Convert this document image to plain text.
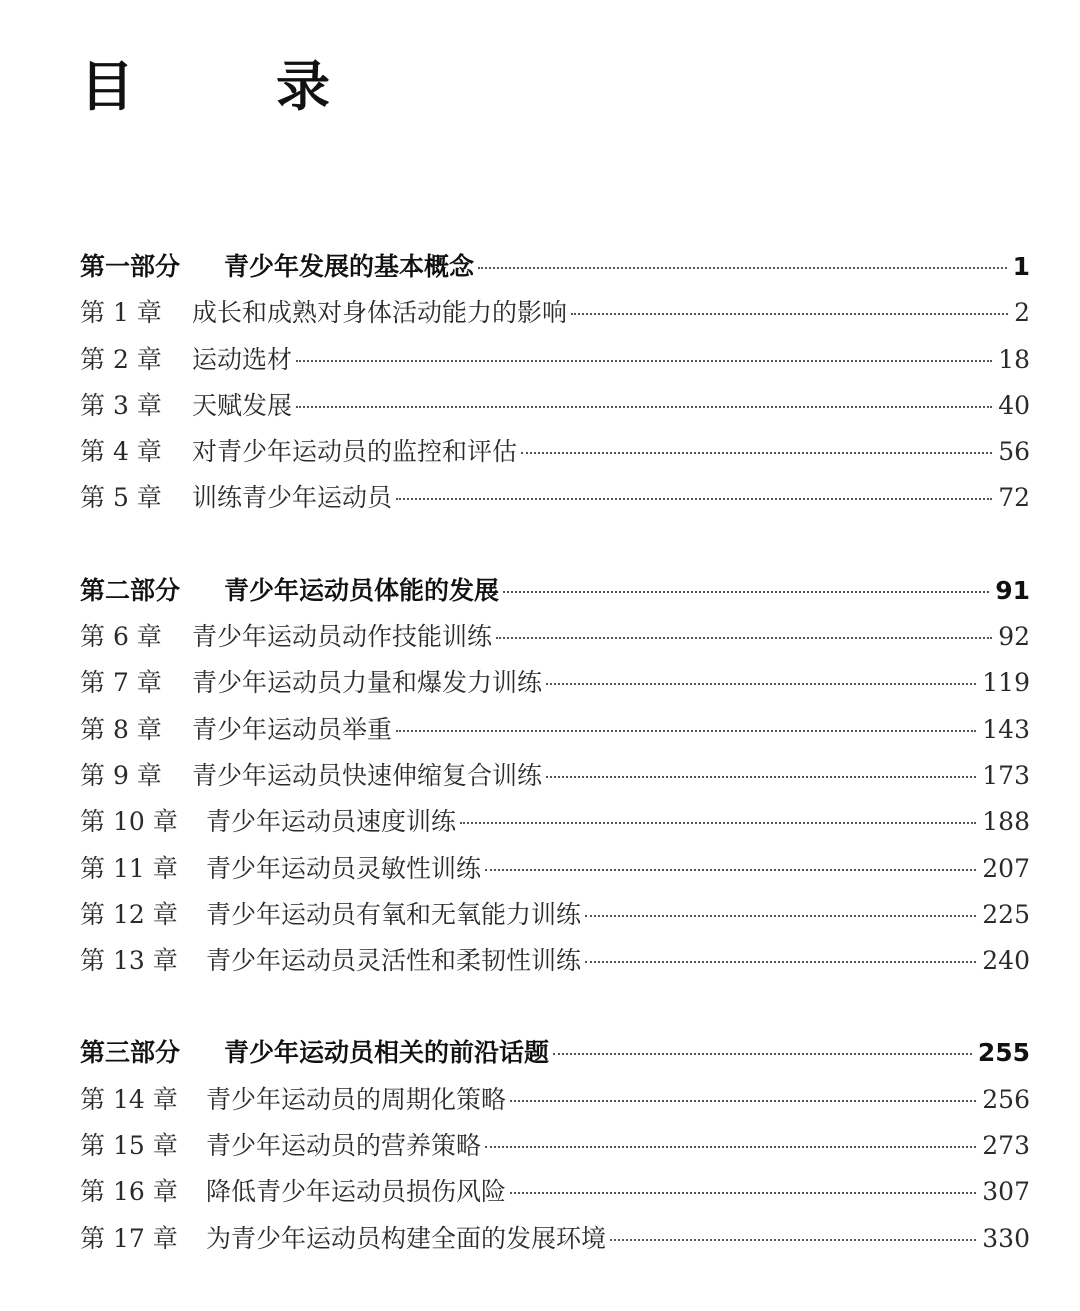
目　录
第一部分	青少年发展的基本概念	1
第 1 章	成长和成熟对身体活动能力的影响	2
第 2 章	运动选材	18
第 3 章	天赋发展	40
第 4 章	对青少年运动员的监控和评估	56
第 5 章	训练青少年运动员	72
第二部分	青少年运动员体能的发展	91
第 6 章	青少年运动员动作技能训练	92
第 7 章	青少年运动员力量和爆发力训练	119
第 8 章	青少年运动员举重	143
第 9 章	青少年运动员快速伸缩复合训练	173
第 10 章	青少年运动员速度训练	188
第 11 章	青少年运动员灵敏性训练	207
第 12 章	青少年运动员有氧和无氧能力训练	225
第 13 章	青少年运动员灵活性和柔韧性训练	240
第三部分	青少年运动员相关的前沿话题	255
第 14 章	青少年运动员的周期化策略	256
第 15 章	青少年运动员的营养策略	273
第 16 章	降低青少年运动员损伤风险	307
第 17 章	为青少年运动员构建全面的发展环境	330
